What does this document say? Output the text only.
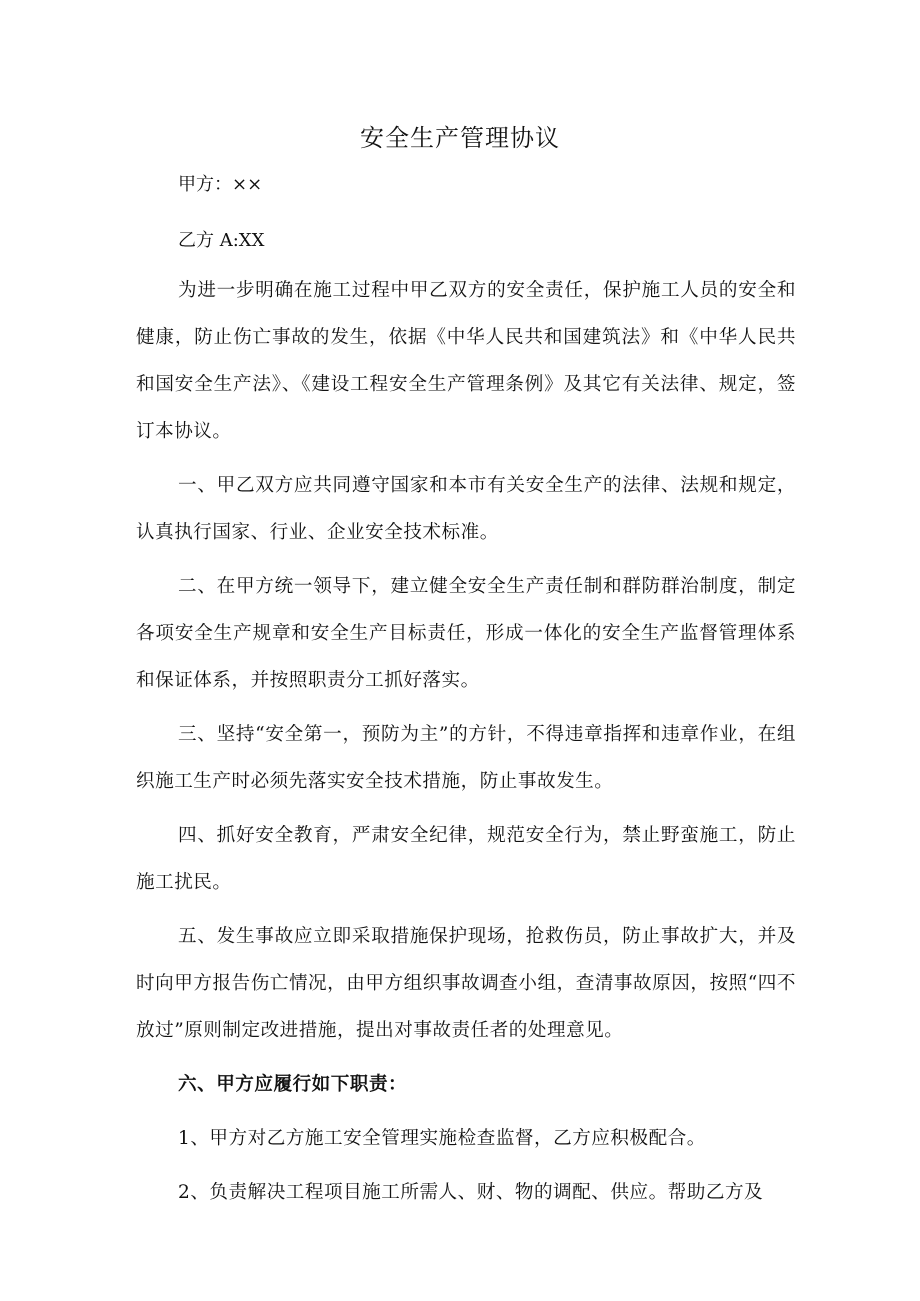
安全生产管理协议
甲方：××
乙方 A:XX

为进一步明确在施工过程中甲乙双方的安全责任，保护施工人员的安全和健康，防止伤亡事故的发生，依据《中华人民共和国建筑法》和《中华人民共和国安全生产法》、《建设工程安全生产管理条例》及其它有关法律、规定，签订本协议。

一、甲乙双方应共同遵守国家和本市有关安全生产的法律、法规和规定，认真执行国家、行业、企业安全技术标准。

二、在甲方统一领导下，建立健全安全生产责任制和群防群治制度，制定各项安全生产规章和安全生产目标责任，形成一体化的安全生产监督管理体系和保证体系，并按照职责分工抓好落实。

三、坚持“安全第一，预防为主”的方针，不得违章指挥和违章作业，在组织施工生产时必须先落实安全技术措施，防止事故发生。

四、抓好安全教育，严肃安全纪律，规范安全行为，禁止野蛮施工，防止施工扰民。

五、发生事故应立即采取措施保护现场，抢救伤员，防止事故扩大，并及时向甲方报告伤亡情况，由甲方组织事故调查小组，查清事故原因，按照“四不放过”原则制定改进措施，提出对事故责任者的处理意见。

六、甲方应履行如下职责：

1、甲方对乙方施工安全管理实施检查监督，乙方应积极配合。

2、负责解决工程项目施工所需人、财、物的调配、供应。帮助乙方及
